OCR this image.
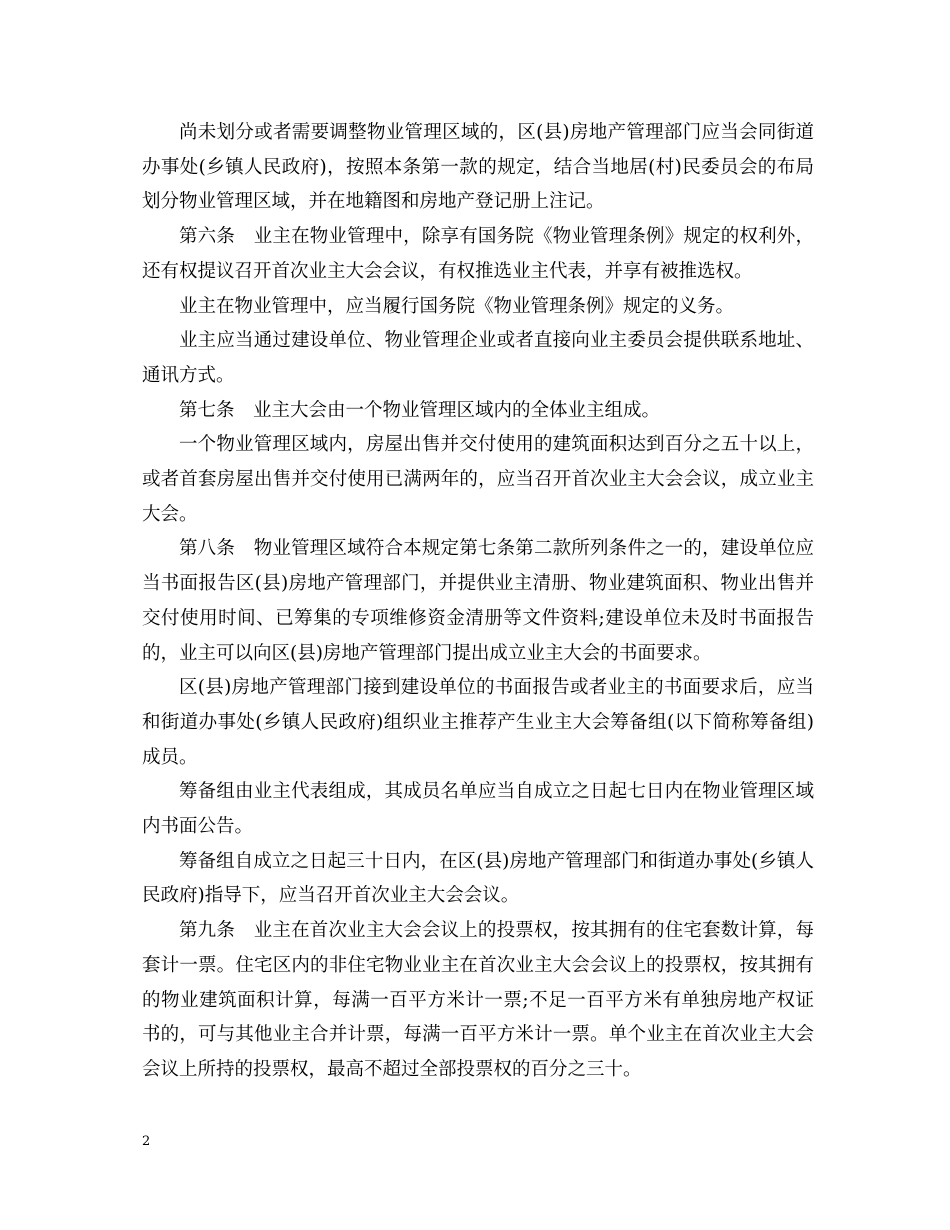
尚未划分或者需要调整物业管理区域的，区(县)房地产管理部门应当会同街道办事处(乡镇人民政府)，按照本条第一款的规定，结合当地居(村)民委员会的布局划分物业管理区域，并在地籍图和房地产登记册上注记。

第六条　业主在物业管理中，除享有国务院《物业管理条例》规定的权利外，还有权提议召开首次业主大会会议，有权推选业主代表，并享有被推选权。

业主在物业管理中，应当履行国务院《物业管理条例》规定的义务。

业主应当通过建设单位、物业管理企业或者直接向业主委员会提供联系地址、通讯方式。

第七条　业主大会由一个物业管理区域内的全体业主组成。

一个物业管理区域内，房屋出售并交付使用的建筑面积达到百分之五十以上，或者首套房屋出售并交付使用已满两年的，应当召开首次业主大会会议，成立业主大会。

第八条　物业管理区域符合本规定第七条第二款所列条件之一的，建设单位应当书面报告区(县)房地产管理部门，并提供业主清册、物业建筑面积、物业出售并交付使用时间、已筹集的专项维修资金清册等文件资料;建设单位未及时书面报告的，业主可以向区(县)房地产管理部门提出成立业主大会的书面要求。

区(县)房地产管理部门接到建设单位的书面报告或者业主的书面要求后，应当和街道办事处(乡镇人民政府)组织业主推荐产生业主大会筹备组(以下简称筹备组)成员。

筹备组由业主代表组成，其成员名单应当自成立之日起七日内在物业管理区域内书面公告。

筹备组自成立之日起三十日内，在区(县)房地产管理部门和街道办事处(乡镇人民政府)指导下，应当召开首次业主大会会议。

第九条　业主在首次业主大会会议上的投票权，按其拥有的住宅套数计算，每套计一票。住宅区内的非住宅物业业主在首次业主大会会议上的投票权，按其拥有的物业建筑面积计算，每满一百平方米计一票;不足一百平方米有单独房地产权证书的，可与其他业主合并计票，每满一百平方米计一票。单个业主在首次业主大会会议上所持的投票权，最高不超过全部投票权的百分之三十。

2
